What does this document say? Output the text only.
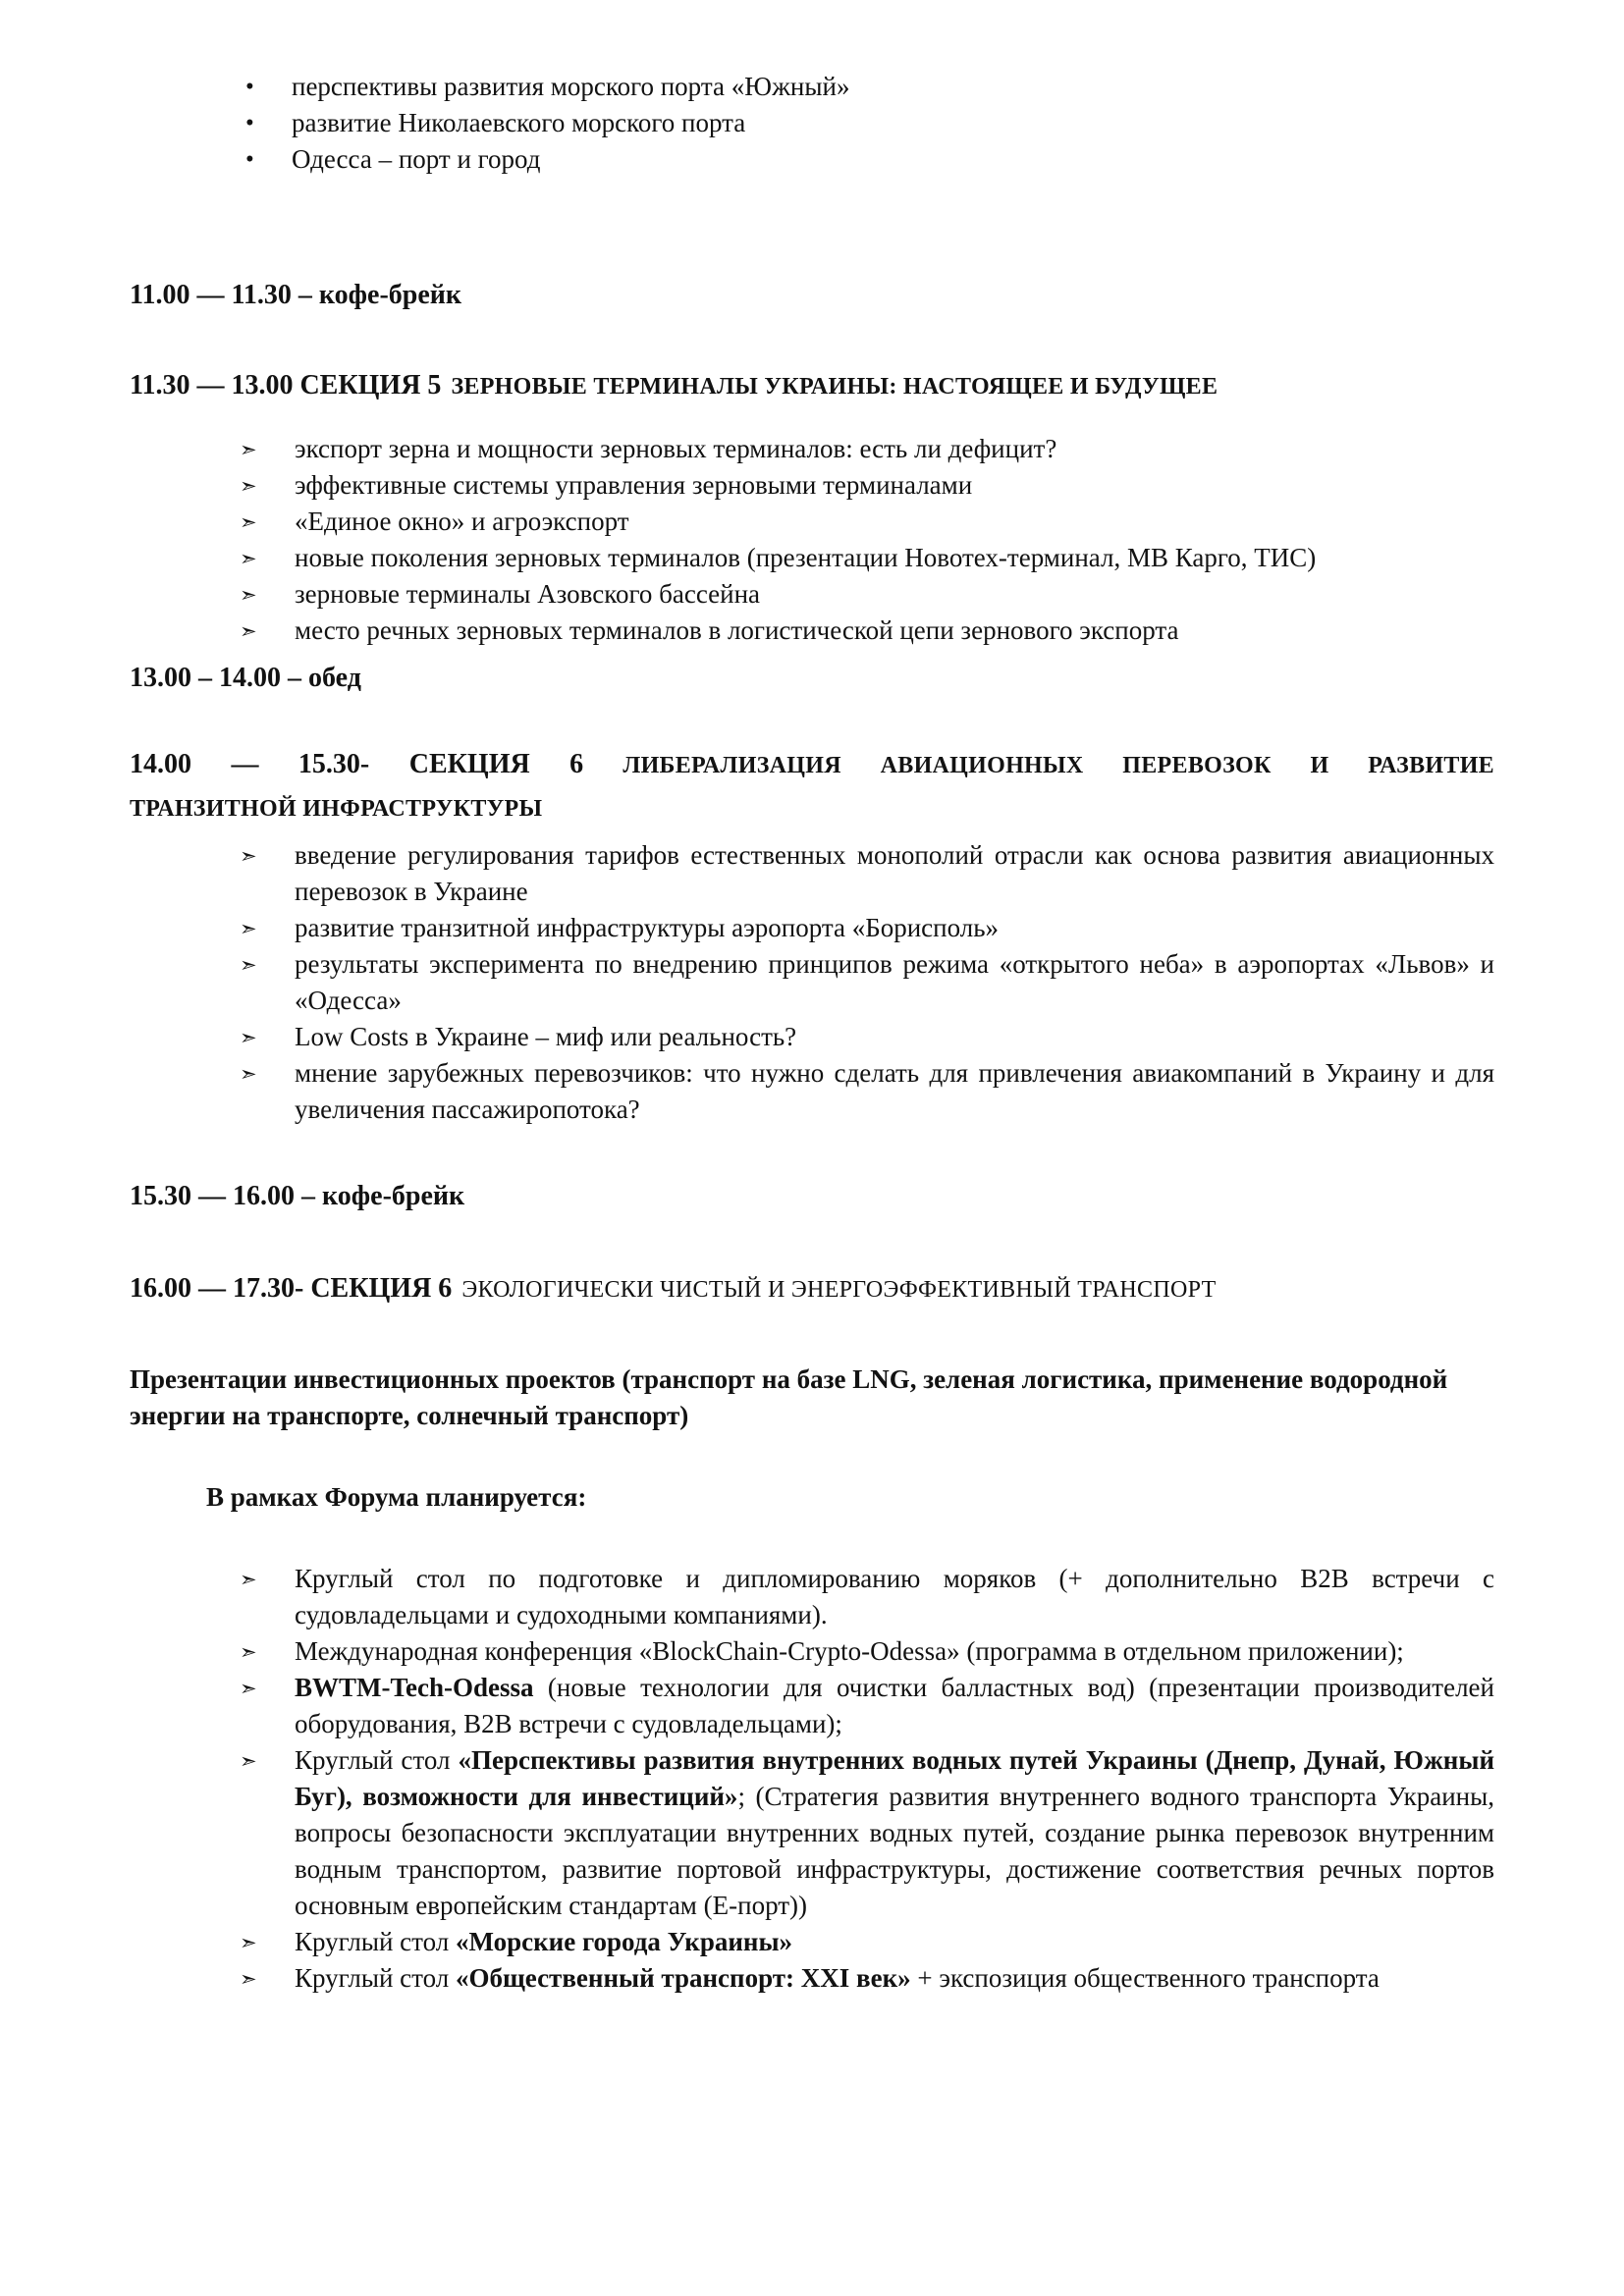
• перспективы развития морского порта «Южный»
• развитие Николаевского морского порта
• Одесса – порт и город

11.00 — 11.30 – кофе-брейк

11.30 — 13.00 СЕКЦИЯ 5 ЗЕРНОВЫЕ ТЕРМИНАЛЫ УКРАИНЫ: НАСТОЯЩЕЕ И БУДУЩЕЕ

➣ экспорт зерна и мощности зерновых терминалов: есть ли дефицит?
➣ эффективные системы управления зерновыми терминалами
➣ «Единое окно» и агроэкспорт
➣ новые поколения зерновых терминалов (презентации Новотех-терминал, МВ Карго, ТИС)
➣ зерновые терминалы Азовского бассейна
➣ место речных зерновых терминалов в логистической цепи зернового экспорта

13.00 – 14.00 – обед

14.00 — 15.30- СЕКЦИЯ 6 ЛИБЕРАЛИЗАЦИЯ АВИАЦИОННЫХ ПЕРЕВОЗОК И РАЗВИТИЕ
ТРАНЗИТНОЙ ИНФРАСТРУКТУРЫ
➣ введение регулирования тарифов естественных монополий отрасли как основа развития авиационных перевозок в Украине
➣ развитие транзитной инфраструктуры аэропорта «Борисполь»
➣ результаты эксперимента по внедрению принципов режима «открытого неба» в аэропортах «Львов» и «Одесса»
➣ Low Costs в Украине – миф или реальность?
➣ мнение зарубежных перевозчиков: что нужно сделать для привлечения авиакомпаний в Украину и для увеличения пассажиропотока?

15.30 — 16.00 – кофе-брейк

16.00 — 17.30- СЕКЦИЯ 6 ЭКОЛОГИЧЕСКИ ЧИСТЫЙ И ЭНЕРГОЭФФЕКТИВНЫЙ ТРАНСПОРТ

Презентации инвестиционных проектов (транспорт на базе LNG, зеленая логистика, применение водородной энергии на транспорте, солнечный транспорт)

В рамках Форума планируется:

➣ Круглый стол по подготовке и дипломированию моряков (+ дополнительно B2B встречи с судовладельцами и судоходными компаниями).
➣ Международная конференция «BlockChain-Crypto-Odessa» (программа в отдельном приложении);
➣ BWTM-Tech-Odessa (новые технологии для очистки балластных вод) (презентации производителей оборудования, B2B встречи с судовладельцами);
➣ Круглый стол «Перспективы развития внутренних водных путей Украины (Днепр, Дунай, Южный Буг), возможности для инвестиций»; (Стратегия развития внутреннего водного транспорта Украины, вопросы безопасности эксплуатации внутренних водных путей, создание рынка перевозок внутренним водным транспортом, развитие портовой инфраструктуры, достижение соответствия речных портов основным европейским стандартам (Е-порт))
➣ Круглый стол «Морские города Украины»
➣ Круглый стол «Общественный транспорт: XXI век» + экспозиция общественного транспорта
